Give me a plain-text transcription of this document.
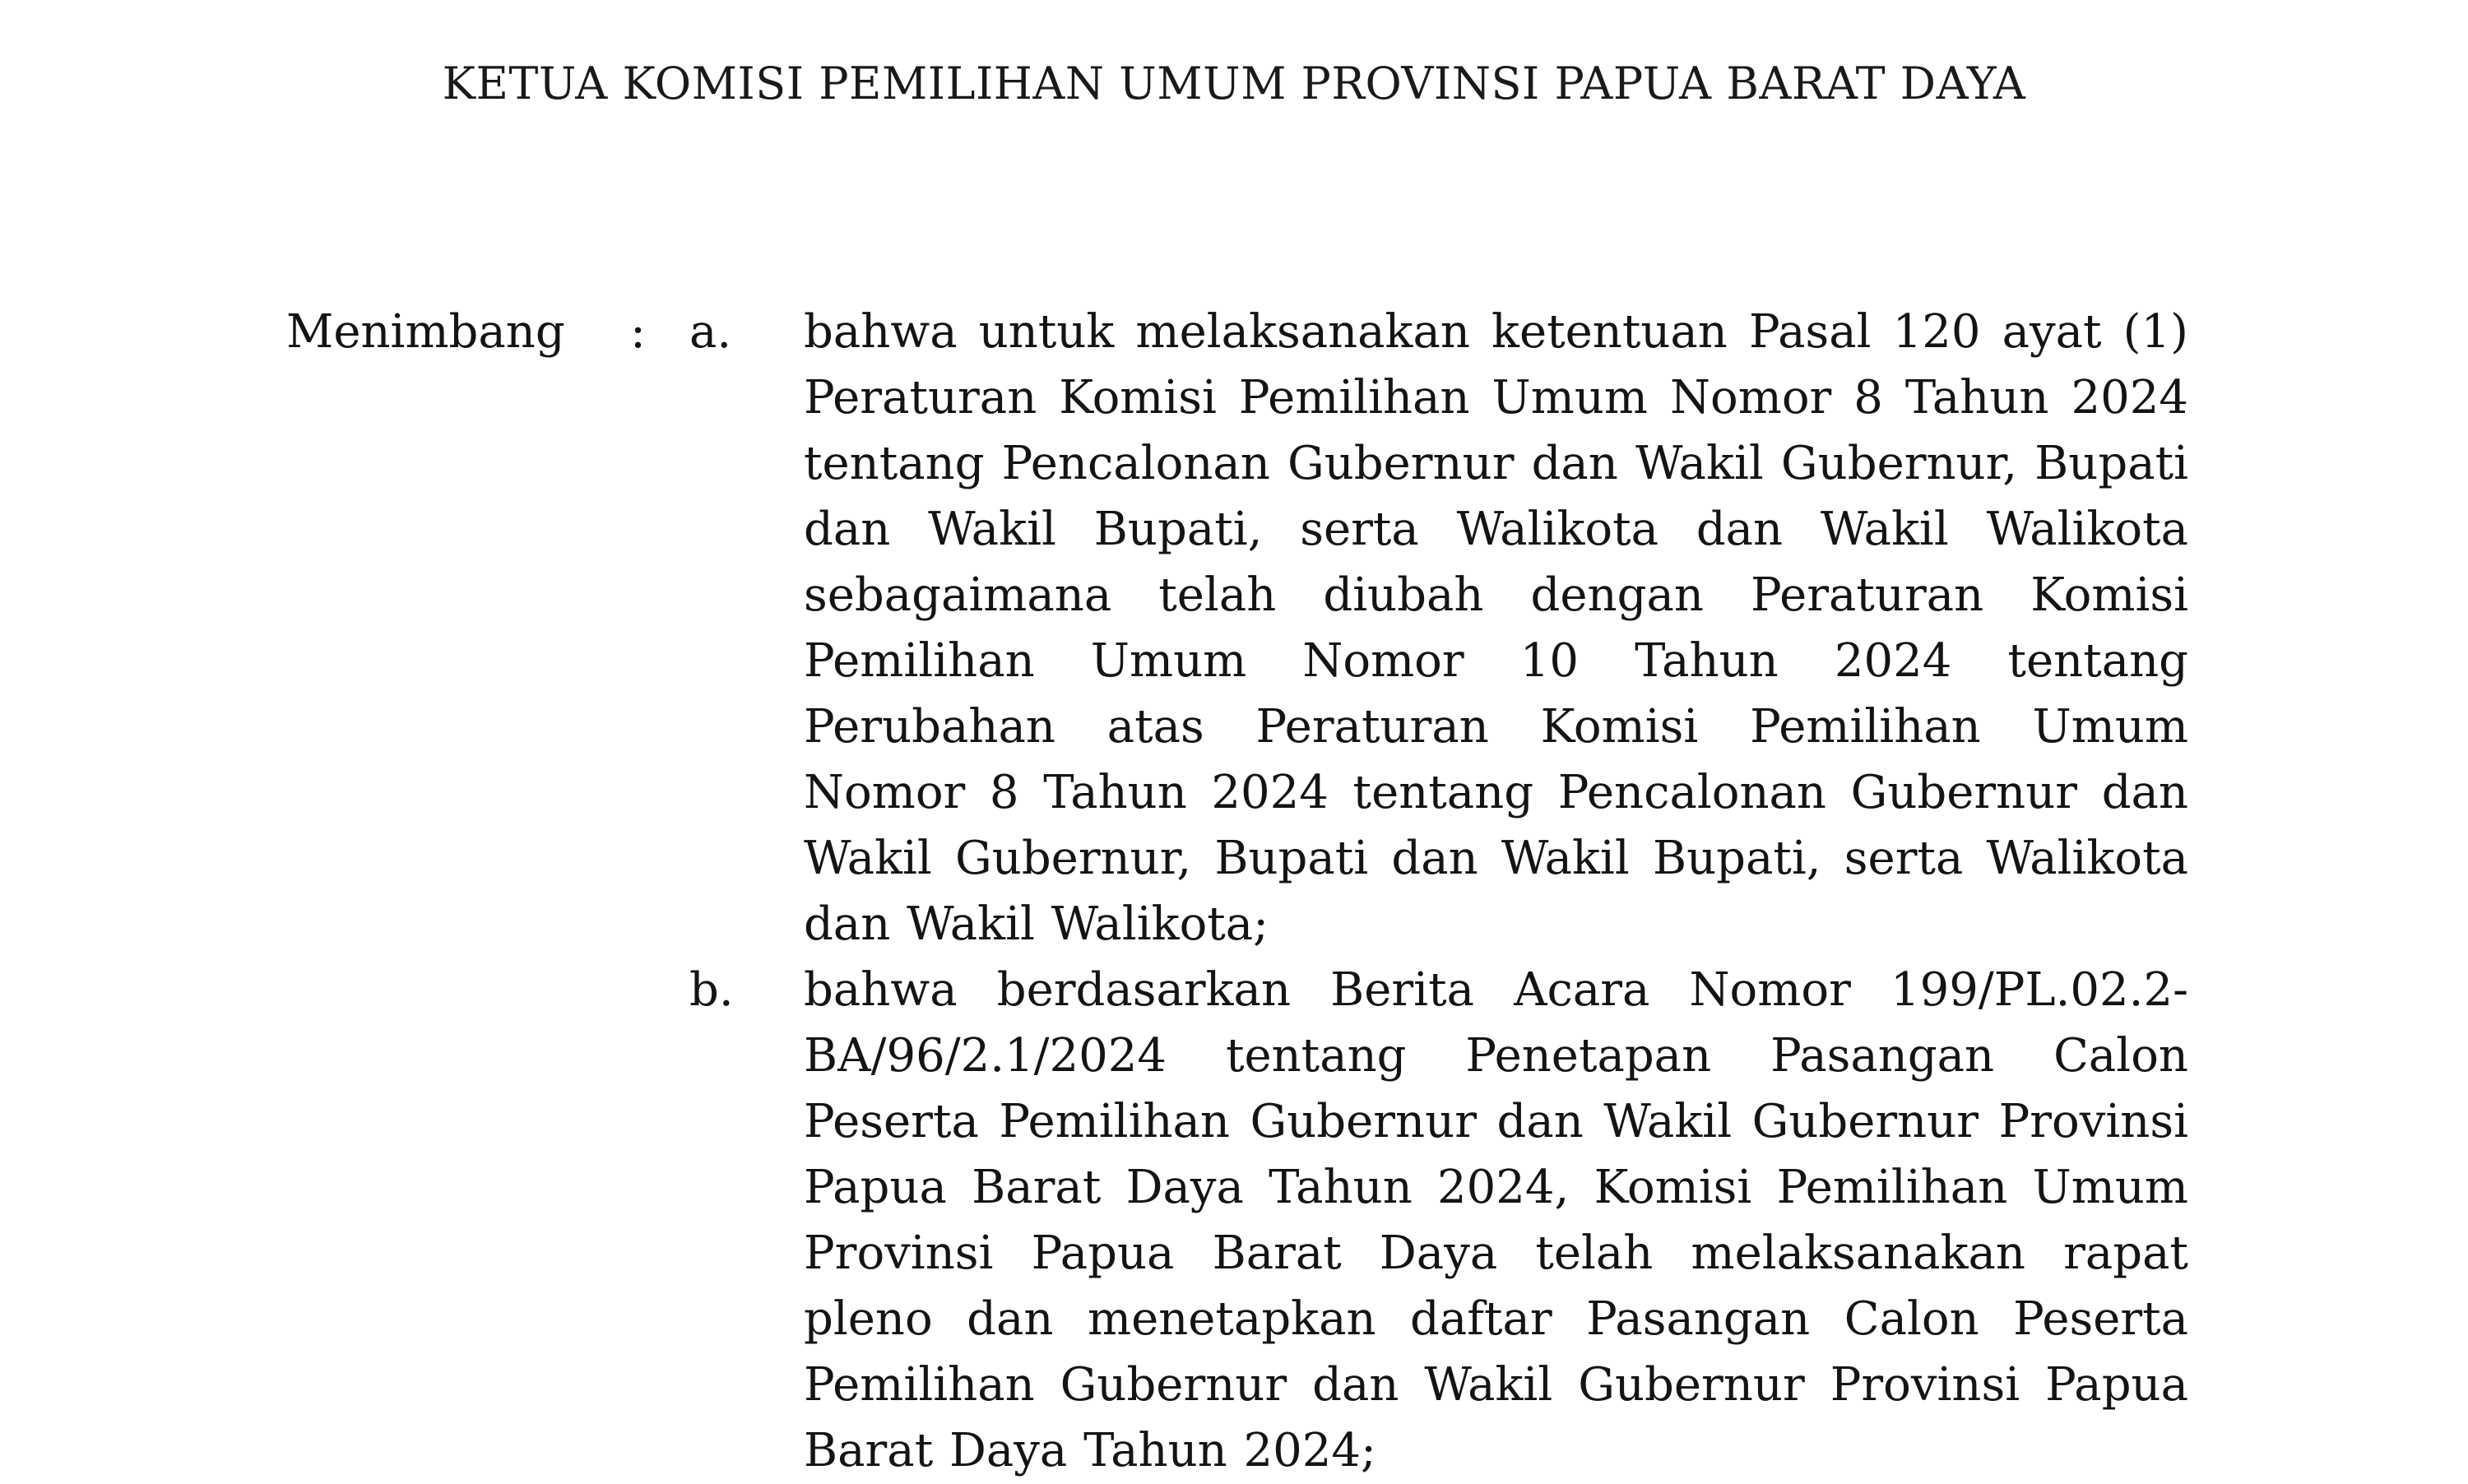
KETUA KOMISI PEMILIHAN UMUM PROVINSI PAPUA BARAT DAYA
Menimbang : a. bahwa untuk melaksanakan ketentuan Pasal 120 ayat (1) Peraturan Komisi Pemilihan Umum Nomor 8 Tahun 2024 tentang Pencalonan Gubernur dan Wakil Gubernur, Bupati dan Wakil Bupati, serta Walikota dan Wakil Walikota sebagaimana telah diubah dengan Peraturan Komisi Pemilihan Umum Nomor 10 Tahun 2024 tentang Perubahan atas Peraturan Komisi Pemilihan Umum Nomor 8 Tahun 2024 tentang Pencalonan Gubernur dan Wakil Gubernur, Bupati dan Wakil Bupati, serta Walikota dan Wakil Walikota;
b. bahwa berdasarkan Berita Acara Nomor 199/PL.02.2-BA/96/2.1/2024 tentang Penetapan Pasangan Calon Peserta Pemilihan Gubernur dan Wakil Gubernur Provinsi Papua Barat Daya Tahun 2024, Komisi Pemilihan Umum Provinsi Papua Barat Daya telah melaksanakan rapat pleno dan menetapkan daftar Pasangan Calon Peserta Pemilihan Gubernur dan Wakil Gubernur Provinsi Papua Barat Daya Tahun 2024;
